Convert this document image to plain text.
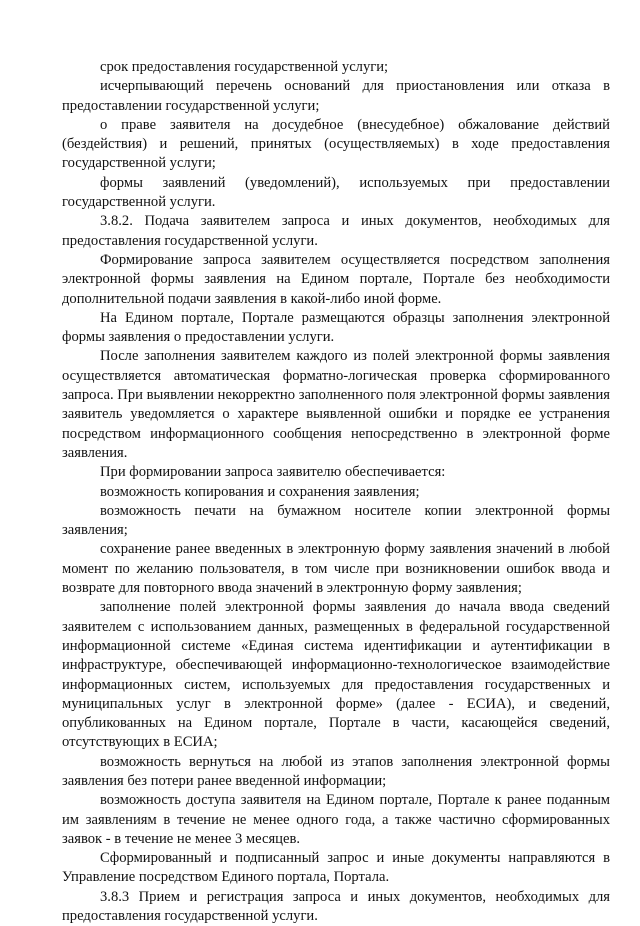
срок предоставления государственной услуги;

исчерпывающий перечень оснований для приостановления или отказа в предоставлении государственной услуги;

о праве заявителя на досудебное (внесудебное) обжалование действий (бездействия) и решений, принятых (осуществляемых) в ходе предоставления государственной услуги;

формы заявлений (уведомлений), используемых при предоставлении государственной услуги.

3.8.2. Подача заявителем запроса и иных документов, необходимых для предоставления государственной услуги.

Формирование запроса заявителем осуществляется посредством заполнения электронной формы заявления на Едином портале, Портале без необходимости дополнительной подачи заявления в какой-либо иной форме.

На Едином портале, Портале размещаются образцы заполнения электронной формы заявления о предоставлении услуги.

После заполнения заявителем каждого из полей электронной формы заявления осуществляется автоматическая форматно-логическая проверка сформированного запроса. При выявлении некорректно заполненного поля электронной формы заявления заявитель уведомляется о характере выявленной ошибки и порядке ее устранения посредством информационного сообщения непосредственно в электронной форме заявления.

При формировании запроса заявителю обеспечивается:

возможность копирования и сохранения заявления;

возможность печати на бумажном носителе копии электронной формы заявления;

сохранение ранее введенных в электронную форму заявления значений в любой момент по желанию пользователя, в том числе при возникновении ошибок ввода и возврате для повторного ввода значений в электронную форму заявления;

заполнение полей электронной формы заявления до начала ввода сведений заявителем с использованием данных, размещенных в федеральной государственной информационной системе «Единая система идентификации и аутентификации в инфраструктуре, обеспечивающей информационно-технологическое взаимодействие информационных систем, используемых для предоставления государственных и муниципальных услуг в электронной форме» (далее - ЕСИА), и сведений, опубликованных на Едином портале, Портале в части, касающейся сведений, отсутствующих в ЕСИА;

возможность вернуться на любой из этапов заполнения электронной формы заявления без потери ранее введенной информации;

возможность доступа заявителя на Едином портале, Портале к ранее поданным им заявлениям в течение не менее одного года, а также частично сформированных заявок - в течение не менее 3 месяцев.

Сформированный и подписанный запрос и иные документы направляются в Управление посредством Единого портала, Портала.

3.8.3 Прием и регистрация запроса и иных документов, необходимых для предоставления государственной услуги.
